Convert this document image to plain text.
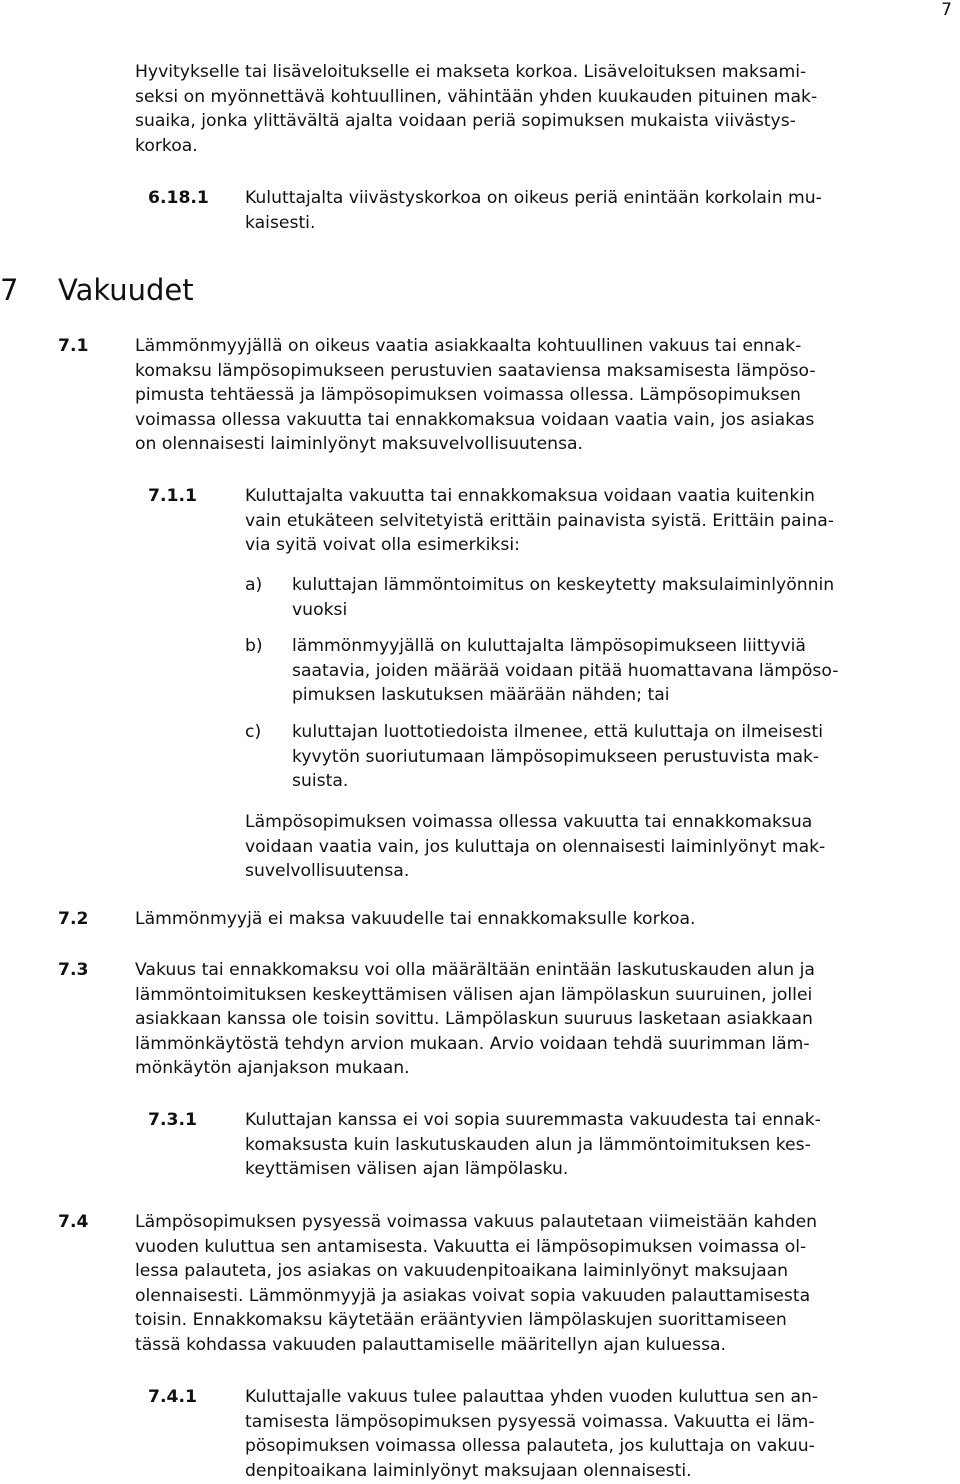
7
Hyvitykselle tai lisäveloitukselle ei makseta korkoa. Lisäveloituksen maksami-
seksi on myönnettävä kohtuullinen, vähintään yhden kuukauden pituinen mak-
suaika, jonka ylittävältä ajalta voidaan periä sopimuksen mukaista viivästys-
korkoa.
6.18.1 Kuluttajalta viivästyskorkoa on oikeus periä enintään korkolain mu-
kaisesti.
7 Vakuudet
7.1	Lämmönmyyjällä on oikeus vaatia asiakkaalta kohtuullinen vakuus tai ennak-
komaksu lämpösopimukseen perustuvien saataviensa maksamisesta lämpöso-
pimusta tehtäessä ja lämpösopimuksen voimassa ollessa. Lämpösopimuksen
voimassa ollessa vakuutta tai ennakkomaksua voidaan vaatia vain, jos asiakas
on olennaisesti laiminlyönyt maksuvelvollisuutensa.
7.1.1	Kuluttajalta vakuutta tai ennakkomaksua voidaan vaatia kuitenkin
vain etukäteen selvitetyistä erittäin painavista syistä. Erittäin paina-
via syitä voivat olla esimerkiksi:
a) kuluttajan lämmöntoimitus on keskeytetty maksulaiminlyönnin
vuoksi
b) lämmönmyyjällä on kuluttajalta lämpösopimukseen liittyviä
saatavia, joiden määrää voidaan pitää huomattavana lämpöso-
pimuksen laskutuksen määrään nähden; tai
c) kuluttajan luottotiedoista ilmenee, että kuluttaja on ilmeisesti
kyvytön suoriutumaan lämpösopimukseen perustuvista mak-
suista.
Lämpösopimuksen voimassa ollessa vakuutta tai ennakkomaksua
voidaan vaatia vain, jos kuluttaja on olennaisesti laiminlyönyt mak-
suvelvollisuutensa.
7.2	Lämmönmyyjä ei maksa vakuudelle tai ennakkomaksulle korkoa.
7.3	Vakuus tai ennakkomaksu voi olla määrältään enintään laskutuskauden alun ja
lämmöntoimituksen keskeyttämisen välisen ajan lämpölaskun suuruinen, jollei
asiakkaan kanssa ole toisin sovittu. Lämpölaskun suuruus lasketaan asiakkaan
lämmönkäytöstä tehdyn arvion mukaan. Arvio voidaan tehdä suurimman läm-
mönkäytön ajanjakson mukaan.
7.3.1	Kuluttajan kanssa ei voi sopia suuremmasta vakuudesta tai ennak-
komaksusta kuin laskutuskauden alun ja lämmöntoimituksen kes-
keyttämisen välisen ajan lämpölasku.
7.4	Lämpösopimuksen pysyessä voimassa vakuus palautetaan viimeistään kahden
vuoden kuluttua sen antamisesta. Vakuutta ei lämpösopimuksen voimassa ol-
lessa palauteta, jos asiakas on vakuudenpitoaikana laiminlyönyt maksujaan
olennaisesti. Lämmönmyyjä ja asiakas voivat sopia vakuuden palauttamisesta
toisin. Ennakkomaksu käytetään erääntyvien lämpölaskujen suorittamiseen
tässä kohdassa vakuuden palauttamiselle määritellyn ajan kuluessa.
7.4.1	Kuluttajalle vakuus tulee palauttaa yhden vuoden kuluttua sen an-
tamisesta lämpösopimuksen pysyessä voimassa. Vakuutta ei läm-
pösopimuksen voimassa ollessa palauteta, jos kuluttaja on vakuu-
denpitoaikana laiminlyönyt maksujaan olennaisesti.
